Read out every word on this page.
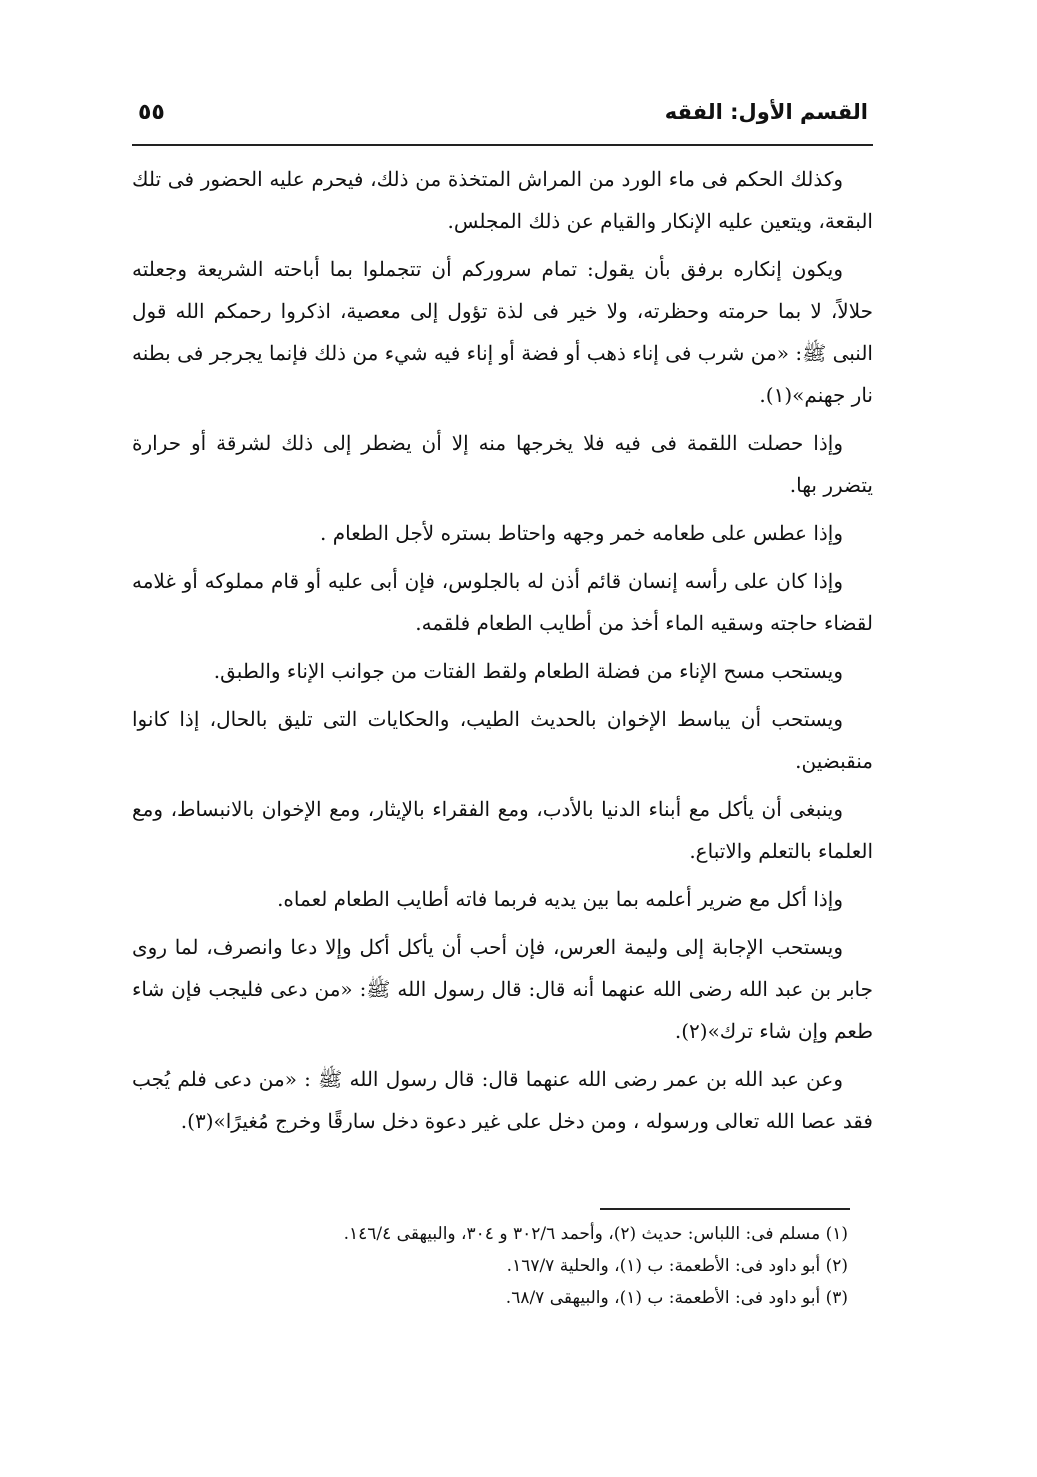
القسم الأول: الفقه
٥٥

وكذلك الحكم فى ماء الورد من المراش المتخذة من ذلك، فيحرم عليه الحضور فى تلك البقعة، ويتعين عليه الإنكار والقيام عن ذلك المجلس.

ويكون إنكاره برفق بأن يقول: تمام سروركم أن تتجملوا بما أباحته الشريعة وجعلته حلالاً، لا بما حرمته وحظرته، ولا خير فى لذة تؤول إلى معصية، اذكروا رحمكم الله قول النبى ﷺ: «من شرب فى إناء ذهب أو فضة أو إناء فيه شيء من ذلك فإنما يجرجر فى بطنه نار جهنم»(١).

وإذا حصلت اللقمة فى فيه فلا يخرجها منه إلا أن يضطر إلى ذلك لشرقة أو حرارة يتضرر بها.

وإذا عطس على طعامه خمر وجهه واحتاط بستره لأجل الطعام .

وإذا كان على رأسه إنسان قائم أذن له بالجلوس، فإن أبى عليه أو قام مملوكه أو غلامه لقضاء حاجته وسقيه الماء أخذ من أطايب الطعام فلقمه.

ويستحب مسح الإناء من فضلة الطعام ولقط الفتات من جوانب الإناء والطبق.

ويستحب أن يباسط الإخوان بالحديث الطيب، والحكايات التى تليق بالحال، إذا كانوا منقبضين.

وينبغى أن يأكل مع أبناء الدنيا بالأدب، ومع الفقراء بالإيثار، ومع الإخوان بالانبساط، ومع العلماء بالتعلم والاتباع.

وإذا أكل مع ضرير أعلمه بما بين يديه فربما فاته أطايب الطعام لعماه.

ويستحب الإجابة إلى وليمة العرس، فإن أحب أن يأكل أكل وإلا دعا وانصرف، لما روى جابر بن عبد الله رضى الله عنهما أنه قال: قال رسول الله ﷺ: «من دعى فليجب فإن شاء طعم وإن شاء ترك»(٢).

وعن عبد الله بن عمر رضى الله عنهما قال: قال رسول الله ﷺ : «من دعى فلم يُجب فقد عصا الله تعالى ورسوله ، ومن دخل على غير دعوة دخل سارقًا وخرج مُغيرًا»(٣).

(١) مسلم فى: اللباس: حديث (٢)، وأحمد ٣٠٢/٦ و ٣٠٤، والبيهقى ١٤٦/٤.

(٢) أبو داود فى: الأطعمة: ب (١)، والحلية ١٦٧/٧.

(٣) أبو داود فى: الأطعمة: ب (١)، والبيهقى ٦٨/٧.
